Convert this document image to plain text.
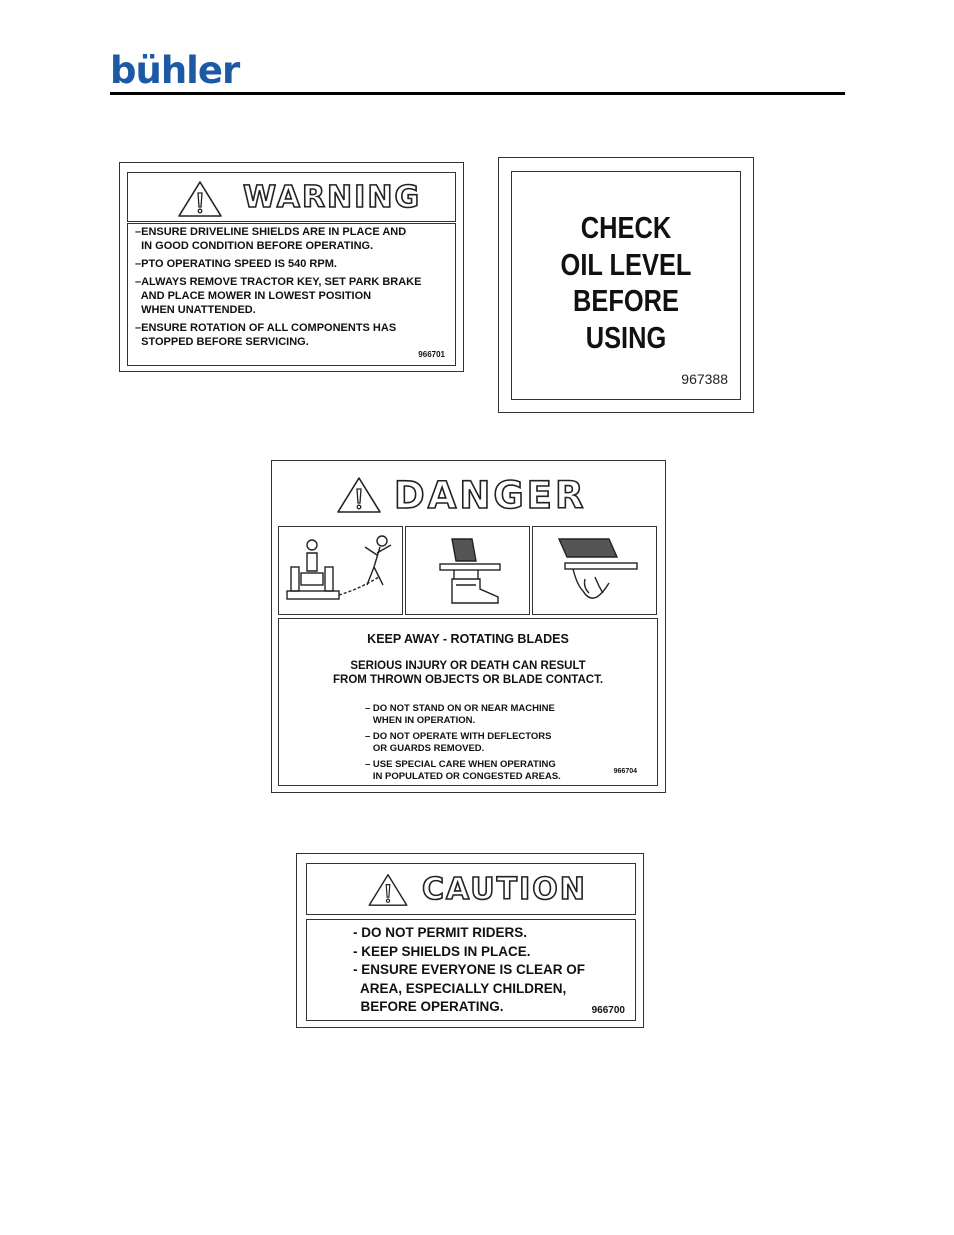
bühler
WARNING
–ENSURE DRIVELINE SHIELDS ARE IN PLACE AND
IN GOOD CONDITION BEFORE OPERATING.
–PTO OPERATING SPEED IS 540 RPM.
–ALWAYS REMOVE TRACTOR KEY, SET PARK BRAKE
AND PLACE MOWER IN LOWEST POSITION
WHEN UNATTENDED.
–ENSURE ROTATION OF ALL COMPONENTS HAS
STOPPED BEFORE SERVICING.
966701
CHECK
OIL LEVEL
BEFORE
USING
967388
DANGER
KEEP AWAY - ROTATING BLADES
SERIOUS INJURY OR DEATH CAN RESULT
FROM THROWN OBJECTS OR BLADE CONTACT.
– DO NOT STAND ON OR NEAR MACHINE
WHEN IN OPERATION.
– DO NOT OPERATE WITH DEFLECTORS
OR GUARDS REMOVED.
– USE SPECIAL CARE WHEN OPERATING
IN POPULATED OR CONGESTED AREAS.	966704
CAUTION
- DO NOT PERMIT RIDERS.
- KEEP SHIELDS IN PLACE.
- ENSURE EVERYONE IS CLEAR OF
AREA, ESPECIALLY CHILDREN,
BEFORE OPERATING.	966700
